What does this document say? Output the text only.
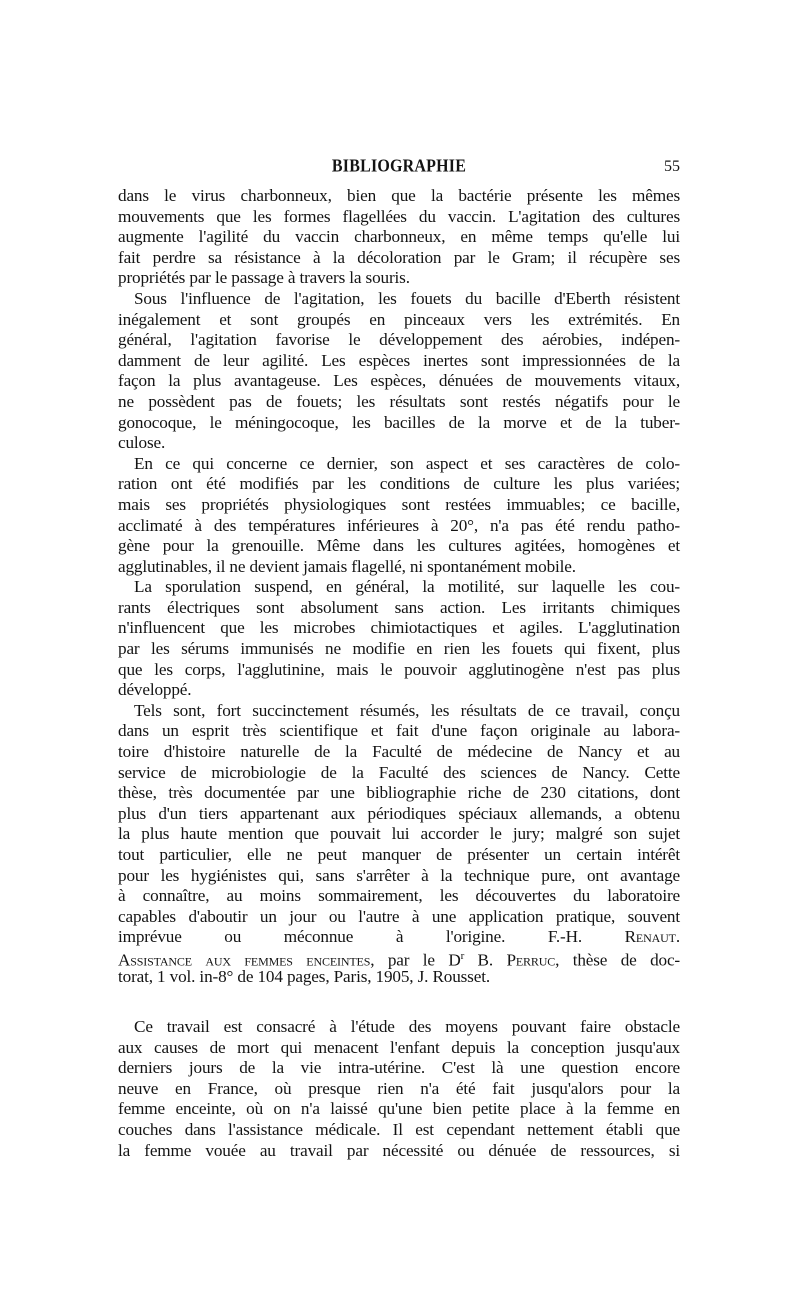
BIBLIOGRAPHIE	55
dans le virus charbonneux, bien que la bactérie présente les mêmes
mouvements que les formes flagellées du vaccin. L'agitation des cultures
augmente l'agilité du vaccin charbonneux, en même temps qu'elle lui
fait perdre sa résistance à la décoloration par le Gram; il récupère ses
propriétés par le passage à travers la souris.
Sous l'influence de l'agitation, les fouets du bacille d'Eberth résistent
inégalement et sont groupés en pinceaux vers les extrémités. En
général, l'agitation favorise le développement des aérobies, indépen-
damment de leur agilité. Les espèces inertes sont impressionnées de la
façon la plus avantageuse. Les espèces, dénuées de mouvements vitaux,
ne possèdent pas de fouets; les résultats sont restés négatifs pour le
gonocoque, le méningocoque, les bacilles de la morve et de la tuber-
culose.
En ce qui concerne ce dernier, son aspect et ses caractères de colo-
ration ont été modifiés par les conditions de culture les plus variées;
mais ses propriétés physiologiques sont restées immuables; ce bacille,
acclimaté à des températures inférieures à 20°, n'a pas été rendu patho-
gène pour la grenouille. Même dans les cultures agitées, homogènes et
agglutinables, il ne devient jamais flagellé, ni spontanément mobile.
La sporulation suspend, en général, la motilité, sur laquelle les cou-
rants électriques sont absolument sans action. Les irritants chimiques
n'influencent que les microbes chimiotactiques et agiles. L'agglutination
par les sérums immunisés ne modifie en rien les fouets qui fixent, plus
que les corps, l'agglutinine, mais le pouvoir agglutinogène n'est pas plus
développé.
Tels sont, fort succinctement résumés, les résultats de ce travail, conçu
dans un esprit très scientifique et fait d'une façon originale au labora-
toire d'histoire naturelle de la Faculté de médecine de Nancy et au
service de microbiologie de la Faculté des sciences de Nancy. Cette
thèse, très documentée par une bibliographie riche de 230 citations, dont
plus d'un tiers appartenant aux périodiques spéciaux allemands, a obtenu
la plus haute mention que pouvait lui accorder le jury; malgré son sujet
tout particulier, elle ne peut manquer de présenter un certain intérêt
pour les hygiénistes qui, sans s'arrêter à la technique pure, ont avantage
à connaître, au moins sommairement, les découvertes du laboratoire
capables d'aboutir un jour ou l'autre à une application pratique, souvent
imprévue ou méconnue à l'origine. F.-H. Renaut.
Assistance aux femmes enceintes, par le $D^r$ B. Perruc, thèse de doc-
torat, 1 vol. in-8° de 104 pages, Paris, 1905, J. Rousset.
Ce travail est consacré à l'étude des moyens pouvant faire obstacle
aux causes de mort qui menacent l'enfant depuis la conception jusqu'aux
derniers jours de la vie intra-utérine. C'est là une question encore
neuve en France, où presque rien n'a été fait jusqu'alors pour la
femme enceinte, où on n'a laissé qu'une bien petite place à la femme en
couches dans l'assistance médicale. Il est cependant nettement établi que
la femme vouée au travail par nécessité ou dénuée de ressources, si
